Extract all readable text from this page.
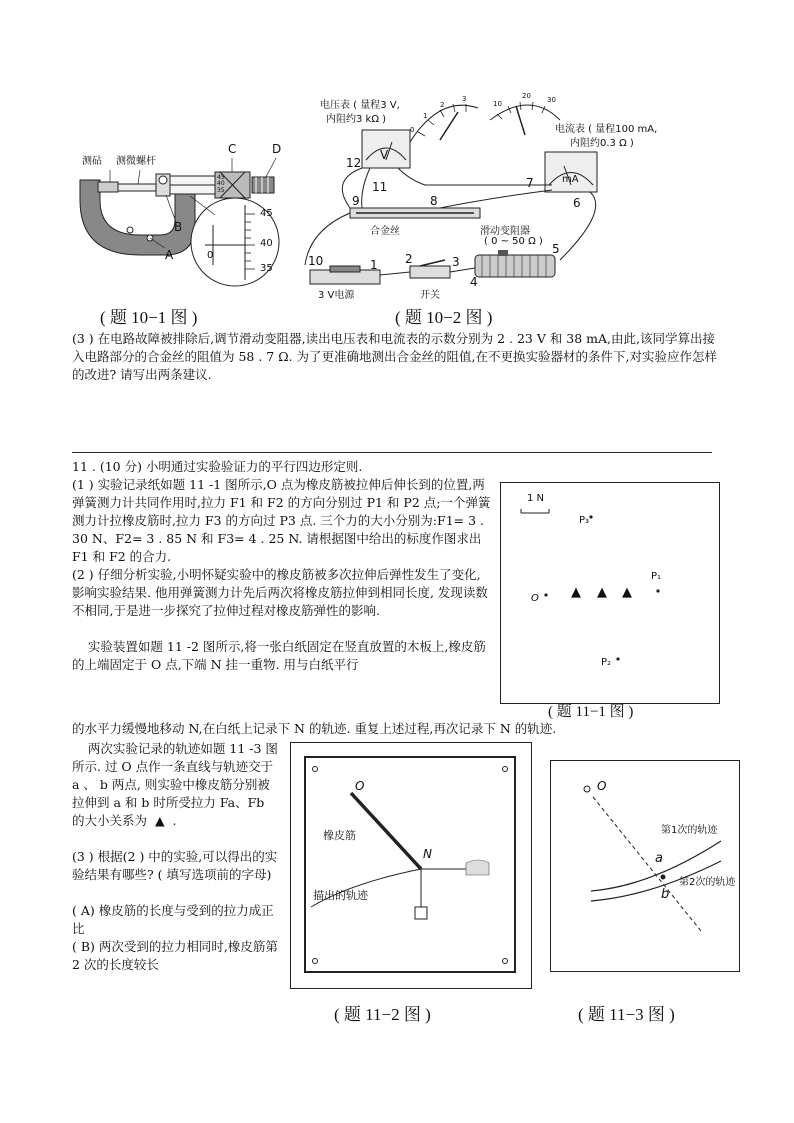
测砧 测微螺杆
C	D
B
A
45
40
35
45
40
35
0
( 题 10−1 图 )
电压表 ( 量程3 V,
内阻约3 kΩ )
电流表 ( 量程100 mA,
内阻约0.3 Ω )
V
mA
0
1
2
3
10
20 30
滑动变阻器
( 0 ~ 50 Ω )
合金丝
3 V电源	开关
1 2	3
4
5
6
7
8
9
10
11
12
( 题 10−2 图 )
(3 ) 在电路故障被排除后,调节滑动变阻器,读出电压表和电流表的示数分别为 2 . 23 V 和 38 mA,由此,该同学算出接入电路部分的合金丝的阻值为 58 . 7 Ω. 为了更准确地测出合金丝的阻值,在不更换实验器材的条件下,对实验应作怎样的改进? 请写出两条建议.
11 . (10 分) 小明通过实验验证力的平行四边形定则.
(1 ) 实验记录纸如题 11 -1 图所示,O 点为橡皮筋被拉伸后伸长到的位置,两弹簧测力计共同作用时,拉力 F1 和 F2 的方向分别过 P1 和 P2 点;一个弹簧测力计拉橡皮筋时,拉力 F3 的方向过 P3 点. 三个力的大小分别为:F1= 3 . 30 N、F2= 3 . 85 N 和 F3= 4 . 25 N. 请根据图中给出的标度作图求出 F1 和 F2 的合力.
(2 ) 仔细分析实验,小明怀疑实验中的橡皮筋被多次拉伸后弹性发生了变化,影响实验结果. 他用弹簧测力计先后两次将橡皮筋拉伸到相同长度, 发现读数不相同,于是进一步探究了拉伸过程对橡皮筋弹性的影响.
实验装置如题 11 -2 图所示,将一张白纸固定在竖直放置的木板上,橡皮筋的上端固定于 O 点,下端 N 挂一重物. 用与白纸平行
的水平力缓慢地移动 N,在白纸上记录下 N 的轨迹. 重复上述过程,再次记录下 N 的轨迹.
两次实验记录的轨迹如题 11 -3 图所示. 过 O 点作一条直线与轨迹交于 a 、 b 两点, 则实验中橡皮筋分别被拉伸到 a 和 b 时所受拉力 Fa、Fb 的大小关系为  ▲  .
(3 ) 根据(2 ) 中的实验,可以得出的实验结果有哪些? ( 填写选项前的字母)
( A) 橡皮筋的长度与受到的拉力成正比
( B) 两次受到的拉力相同时,橡皮筋第 2 次的长度较长
1 N
P₃
P₁
O
P₂
▲ ▲ ▲
( 题 11−1 图 )
O
N
橡皮筋
描出的轨迹
( 题 11−2 图 )
O
a
b
第1次的轨迹
第2次的轨迹
( 题 11−3 图 )
